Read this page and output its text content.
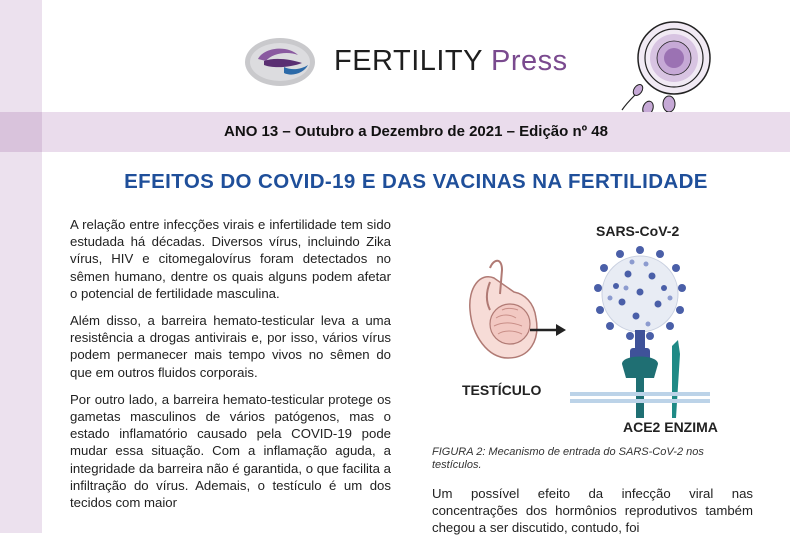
FERTILITY Press
ANO 13 – Outubro a Dezembro de 2021 – Edição nº 48
EFEITOS DO COVID-19 E DAS VACINAS NA FERTILIDADE

A relação entre infecções virais e infertilidade tem sido estudada há décadas. Diversos vírus, incluindo Zika vírus, HIV e citomegalovírus foram detectados no sêmen humano, dentre os quais alguns podem afetar o potencial de fertilidade masculina.

Além disso, a barreira hemato-testicular leva a uma resistência a drogas antivirais e, por isso, vários vírus podem permanecer mais tempo vivos no sêmen do que em outros fluidos corporais.

Por outro lado, a barreira hemato-testicular protege os gametas masculinos de vários patógenos, mas o estado inflamatório causado pela COVID-19 pode mudar essa situação. Com a inflamação aguda, a integridade da barreira não é garantida, o que facilita a infiltração do vírus. Ademais, o testículo é um dos tecidos com maior

SARS-CoV-2
TESTÍCULO
ACE2 ENZIMA
FIGURA 2: Mecanismo de entrada do SARS-CoV-2 nos testículos.

Um possível efeito da infecção viral nas concentrações dos hormônios reprodutivos também chegou a ser discutido, contudo, foi
